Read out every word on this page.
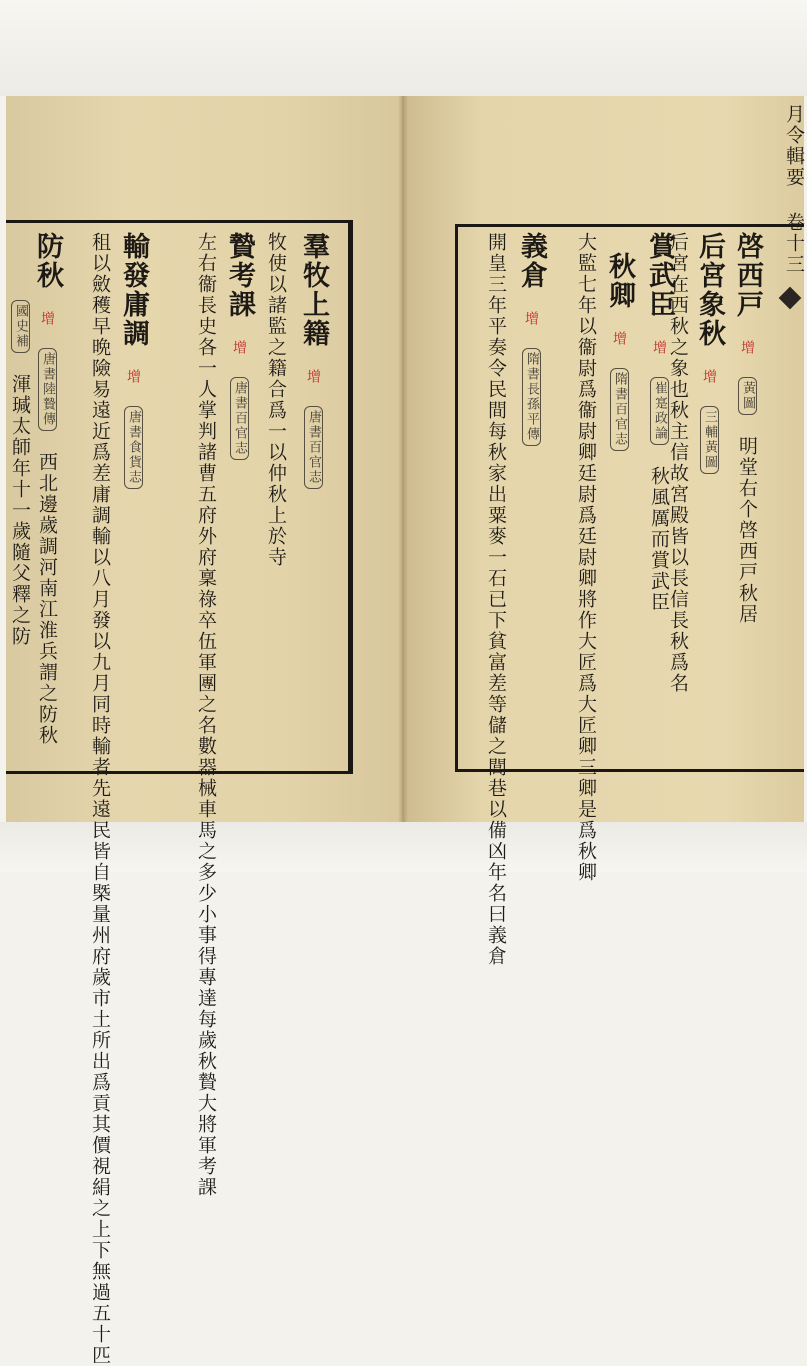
羣牧上籍 增 唐書百官志
牧使以諸監之籍合爲一以仲秋上於寺
贄考課 增 唐書百官志
左右衞長史各一人掌判諸曹五府外府稟祿卒伍軍團之名數器械車馬之多少小事得專達每歲秋贄大將軍考課
輸發庸調 增 唐書食貨志
租以斂穫早晩險易遠近爲差庸調輸以八月發以九月同時輸者先遠民皆自槩量州府歲市土所出爲貢其價視絹之上下無過五十匹
防秋 增 唐書陸贄傳 西北邊歲調河南江淮兵謂之防秋
國史補 渾瑊太師年十一歲隨父釋之防
月令輯要 卷十三
啓西戸 增 黃圖 明堂右个啓西戸秋居
后宮象秋 增 三輔黃圖
后宮在西秋之象也秋主信故宮殿皆以長信長秋爲名
賞武臣 增 崔寔政論 秋風厲而賞武臣
秋卿 增 隋書百官志
大監七年以衞尉爲衞尉卿廷尉爲廷尉卿將作大匠爲大匠卿三卿是爲秋卿
義倉 增 隋書長孫平傳
開皇三年平奏令民間每秋家出粟麥一石已下貧富差等儲之閭巷以備凶年名曰義倉
